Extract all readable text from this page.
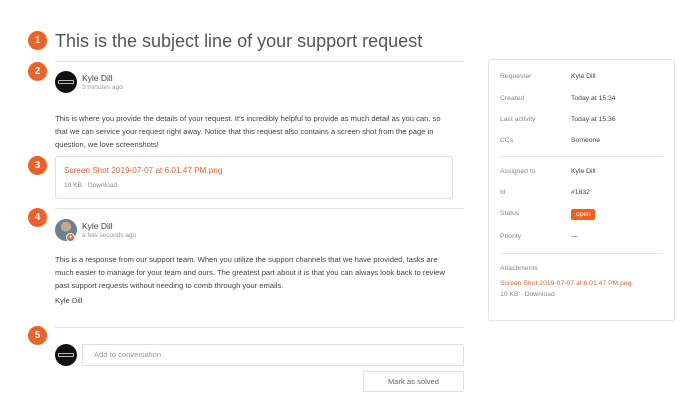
1
2
3
4
5
This is the subject line of your support request
Kyle Dill
3 minutes ago
This is where you provide the details of your request. It's incredibly helpful to provide as much detail as you can, so that we can service your request right away. Notice that this request also contains a screen shot from the page in question, we love screenshots!
Screen Shot 2019-07-07 at 6.01.47 PM.png
10 KB · Download
✦
Kyle Dill
a few seconds ago
This is a response from our support team. When you utilize the support channels that we have provided, tasks are much easier to manage for your team and ours. The greatest part about it is that you can always look back to review past support requests without needing to comb through your emails.
Kyle Dill
Add to conversation
Mark as solved
Requester	Kyle Dill
Created	Today at 15:34
Last activity	Today at 15:36
CCs	Someone
Assigned to	Kyle Dill
Id	#1832
Status	open
Priority	—
Attachments
Screen Shot 2019-07-07 at 6.01.47 PM.png
10 KB · Download
